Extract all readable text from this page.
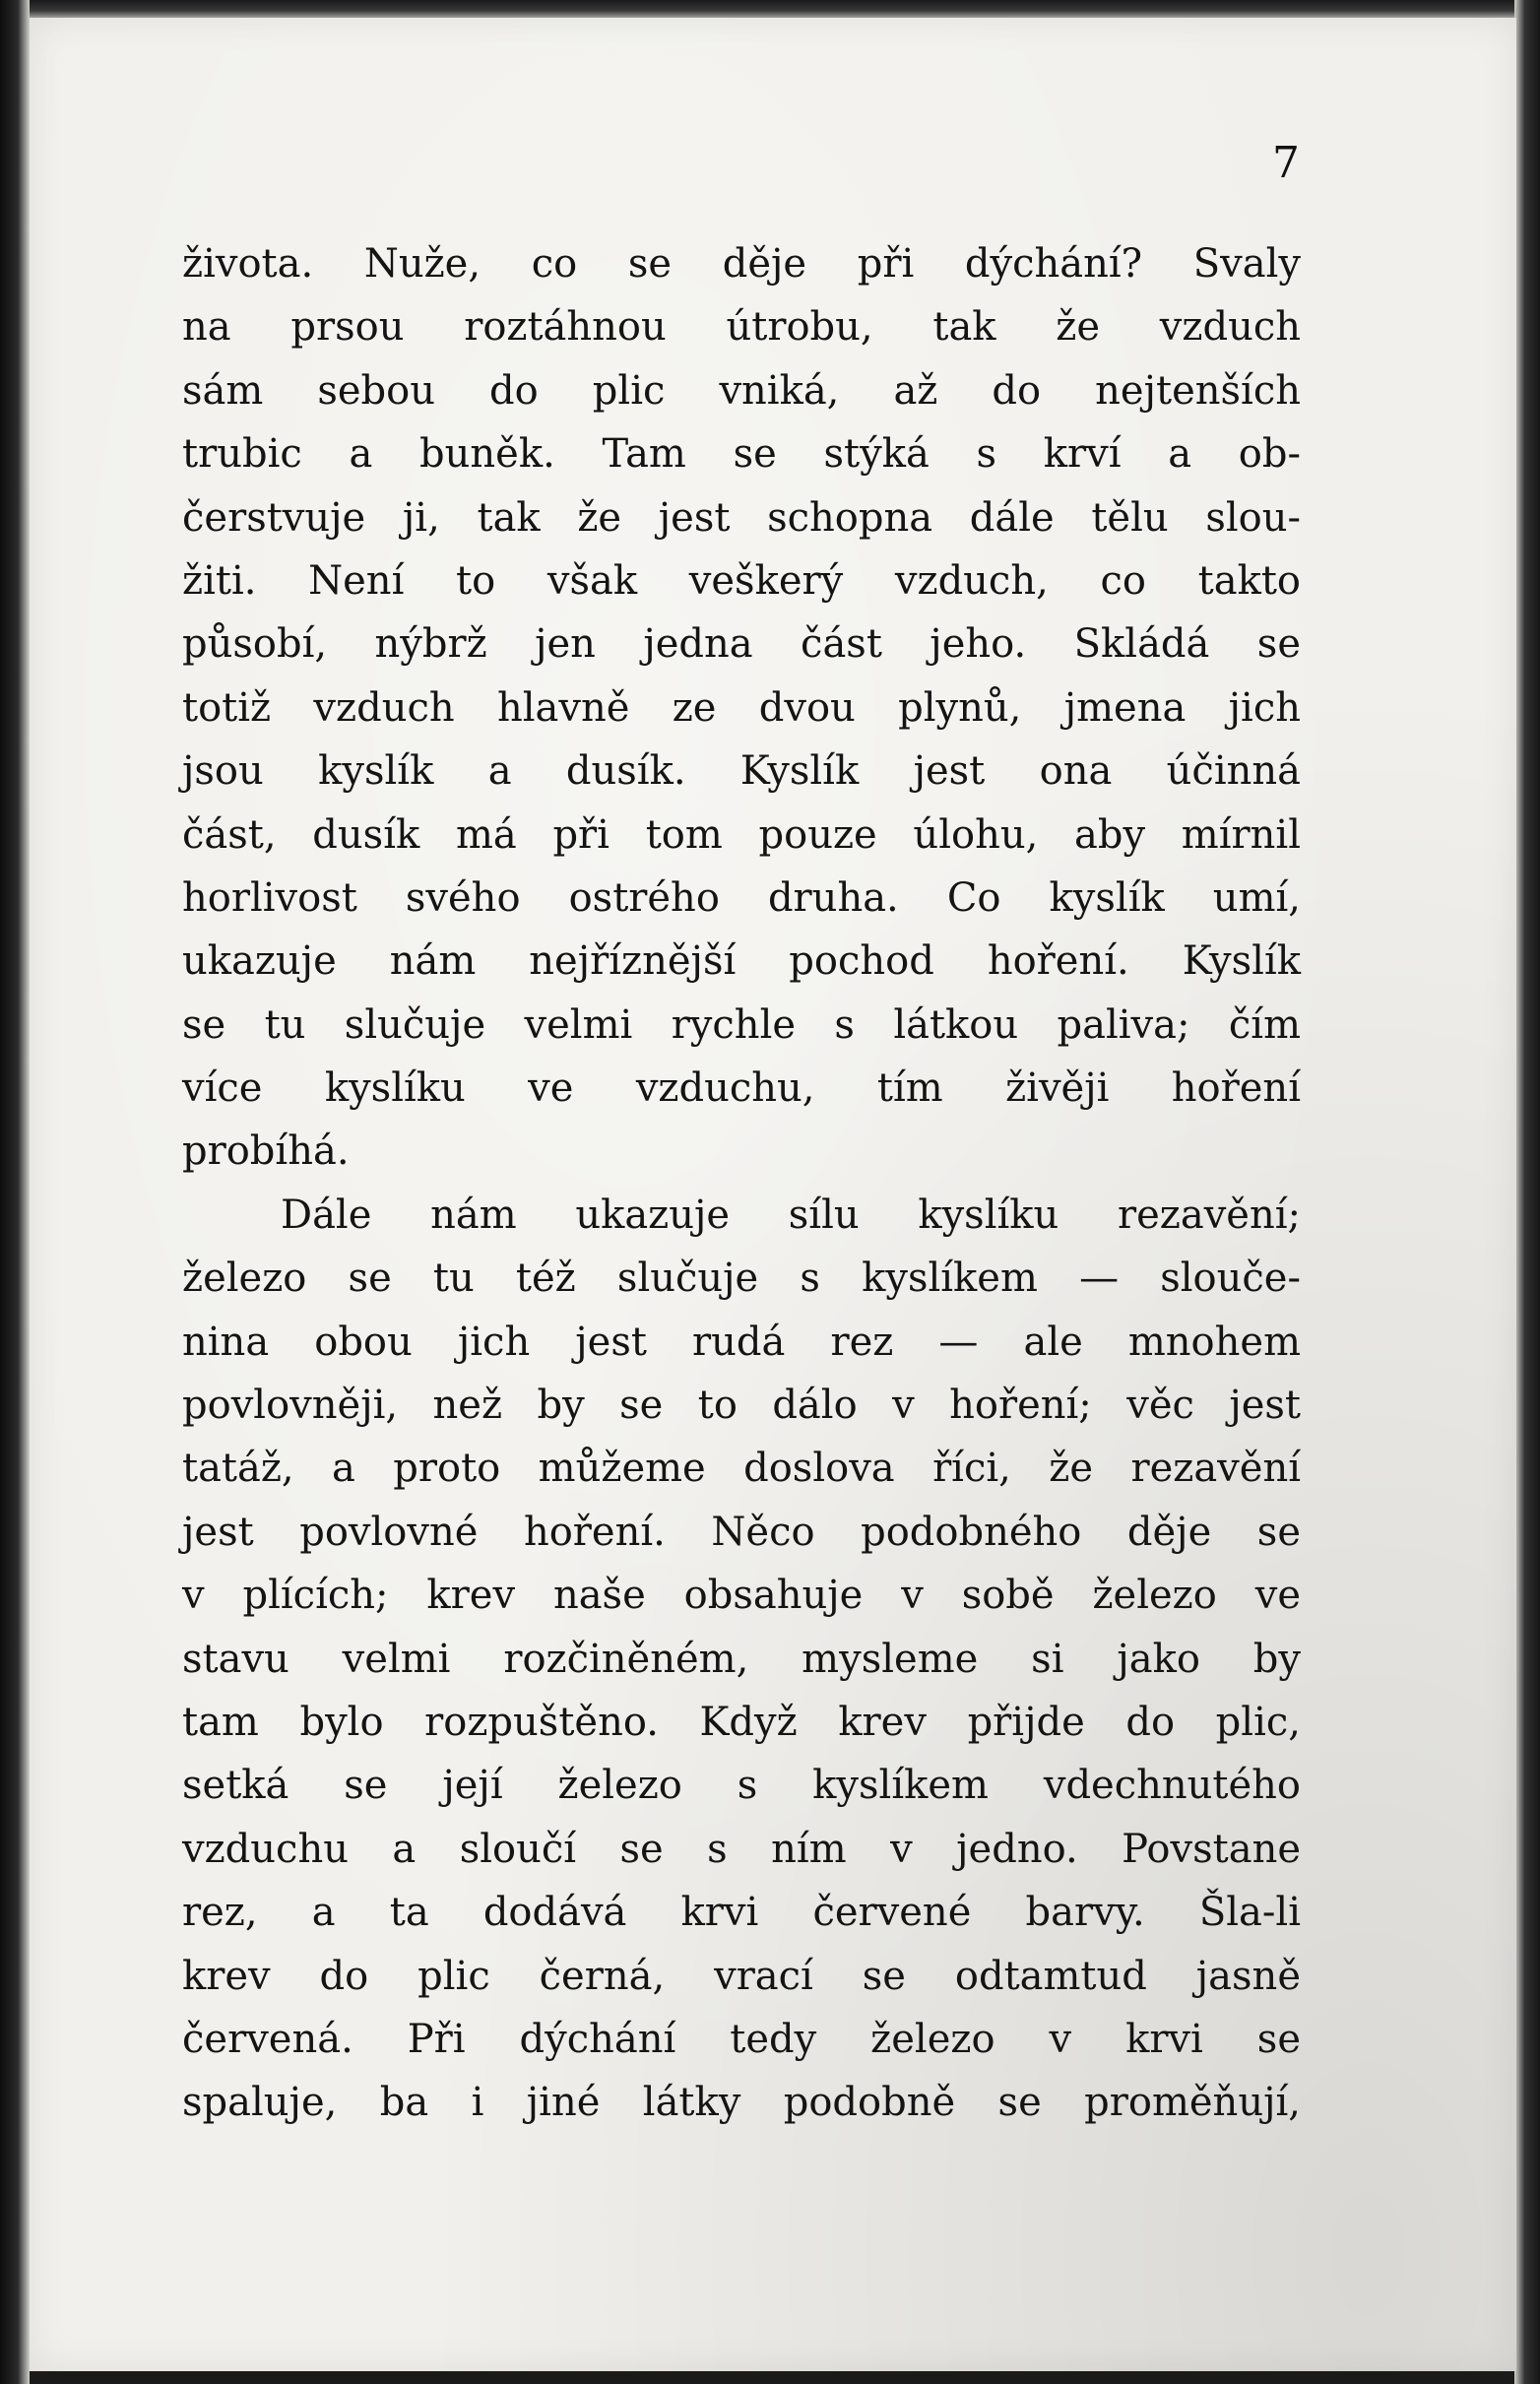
7
života. Nuže, co se děje při dýchání? Svaly
na prsou roztáhnou útrobu, tak že vzduch
sám sebou do plic vniká, až do nejtenších
trubic a buněk. Tam se stýká s krví a ob-
čerstvuje ji, tak že jest schopna dále tělu slou-
žiti. Není to však veškerý vzduch, co takto
působí, nýbrž jen jedna část jeho. Skládá se
totiž vzduch hlavně ze dvou plynů, jmena jich
jsou kyslík a dusík. Kyslík jest ona účinná
část, dusík má při tom pouze úlohu, aby mírnil
horlivost svého ostrého druha. Co kyslík umí,
ukazuje nám nejříznější pochod hoření. Kyslík
se tu slučuje velmi rychle s látkou paliva; čím
více kyslíku ve vzduchu, tím živěji hoření
probíhá.
Dále nám ukazuje sílu kyslíku rezavění;
železo se tu též slučuje s kyslíkem — slouče-
nina obou jich jest rudá rez — ale mnohem
povlovněji, než by se to dálo v hoření; věc jest
tatáž, a proto můžeme doslova říci, že rezavění
jest povlovné hoření. Něco podobného děje se
v plících; krev naše obsahuje v sobě železo ve
stavu velmi rozčiněném, mysleme si jako by
tam bylo rozpuštěno. Když krev přijde do plic,
setká se její železo s kyslíkem vdechnutého
vzduchu a sloučí se s ním v jedno. Povstane
rez, a ta dodává krvi červené barvy. Šla-li
krev do plic černá, vrací se odtamtud jasně
červená. Při dýchání tedy železo v krvi se
spaluje, ba i jiné látky podobně se proměňují,
